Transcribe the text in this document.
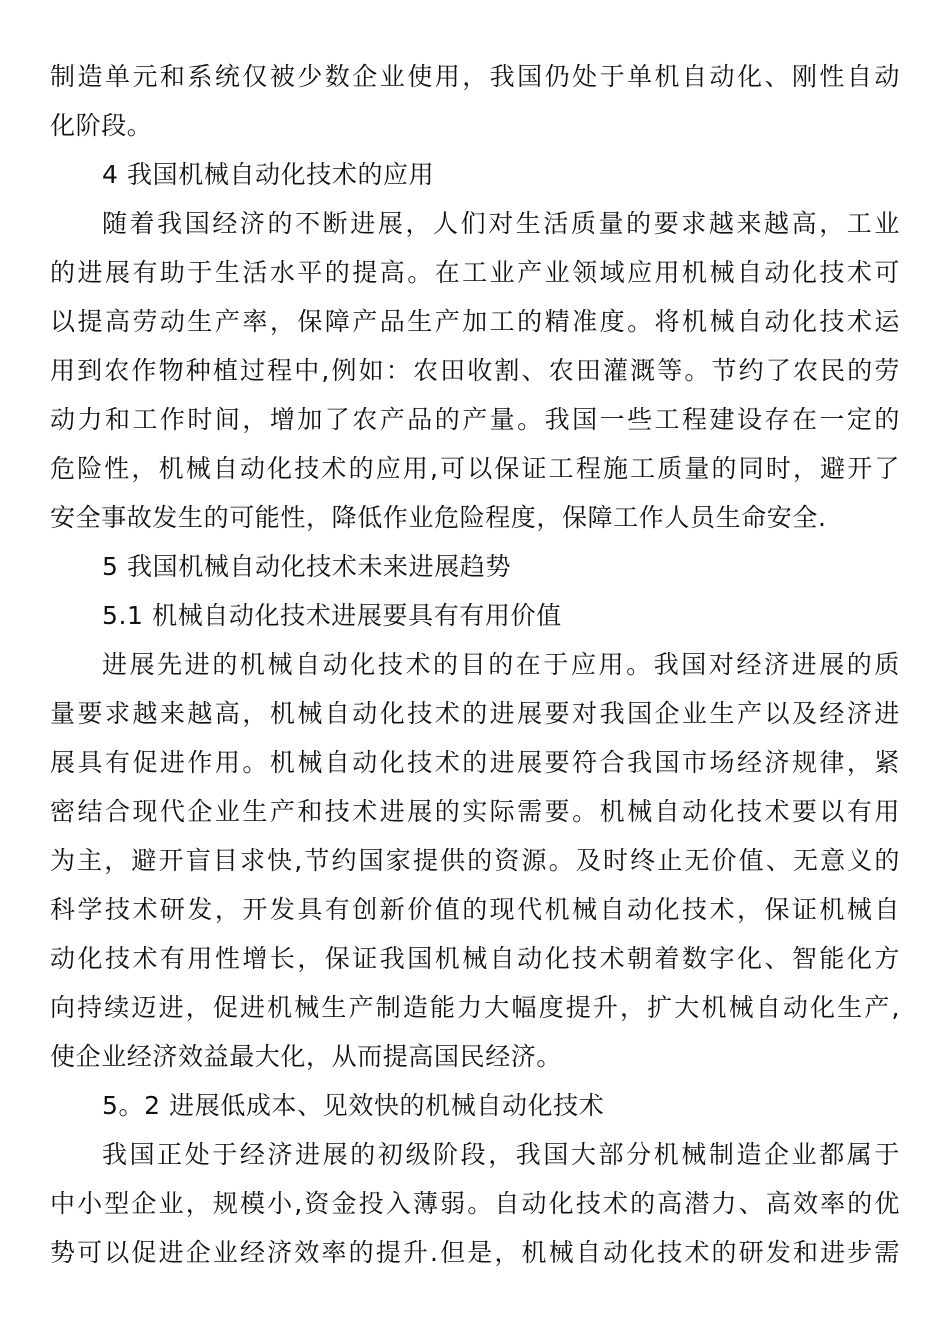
制造单元和系统仅被少数企业使用，我国仍处于单机自动化、刚性自动
化阶段。
4 我国机械自动化技术的应用
随着我国经济的不断进展，人们对生活质量的要求越来越高，工业
的进展有助于生活水平的提高。在工业产业领域应用机械自动化技术可
以提高劳动生产率，保障产品生产加工的精准度。将机械自动化技术运
用到农作物种植过程中,例如：农田收割、农田灌溉等。节约了农民的劳
动力和工作时间，增加了农产品的产量。我国一些工程建设存在一定的
危险性，机械自动化技术的应用,可以保证工程施工质量的同时，避开了
安全事故发生的可能性，降低作业危险程度，保障工作人员生命安全.
5 我国机械自动化技术未来进展趋势
5.1 机械自动化技术进展要具有有用价值
进展先进的机械自动化技术的目的在于应用。我国对经济进展的质
量要求越来越高，机械自动化技术的进展要对我国企业生产以及经济进
展具有促进作用。机械自动化技术的进展要符合我国市场经济规律，紧
密结合现代企业生产和技术进展的实际需要。机械自动化技术要以有用
为主，避开盲目求快,节约国家提供的资源。及时终止无价值、无意义的
科学技术研发，开发具有创新价值的现代机械自动化技术，保证机械自
动化技术有用性增长，保证我国机械自动化技术朝着数字化、智能化方
向持续迈进，促进机械生产制造能力大幅度提升，扩大机械自动化生产,
使企业经济效益最大化，从而提高国民经济。
5。2 进展低成本、见效快的机械自动化技术
我国正处于经济进展的初级阶段，我国大部分机械制造企业都属于
中小型企业，规模小,资金投入薄弱。自动化技术的高潜力、高效率的优
势可以促进企业经济效率的提升.但是，机械自动化技术的研发和进步需
